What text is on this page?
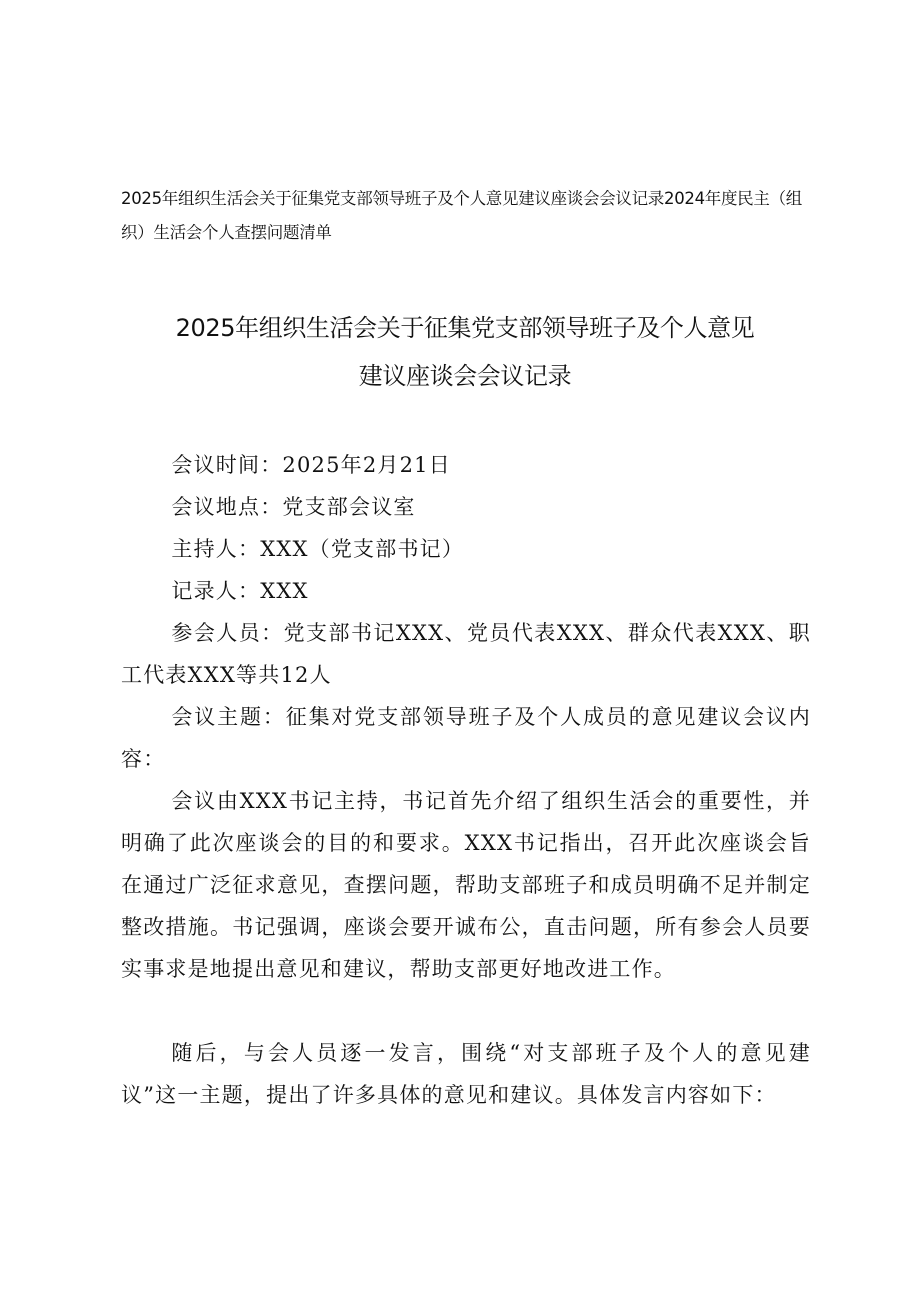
2025年组织生活会关于征集党支部领导班子及个人意见建议座谈会会议记录2024年度民主（组织）生活会个人查摆问题清单
2025年组织生活会关于征集党支部领导班子及个人意见
建议座谈会会议记录

会议时间：2025年2月21日

会议地点：党支部会议室

主持人：XXX（党支部书记）

记录人：XXX

参会人员：党支部书记XXX、党员代表XXX、群众代表XXX、职工代表XXX等共12人

会议主题：征集对党支部领导班子及个人成员的意见建议会议内容：

会议由XXX书记主持，书记首先介绍了组织生活会的重要性，并明确了此次座谈会的目的和要求。XXX书记指出，召开此次座谈会旨在通过广泛征求意见，查摆问题，帮助支部班子和成员明确不足并制定整改措施。书记强调，座谈会要开诚布公，直击问题，所有参会人员要实事求是地提出意见和建议，帮助支部更好地改进工作。

随后，与会人员逐一发言，围绕“对支部班子及个人的意见建议”这一主题，提出了许多具体的意见和建议。具体发言内容如下：
